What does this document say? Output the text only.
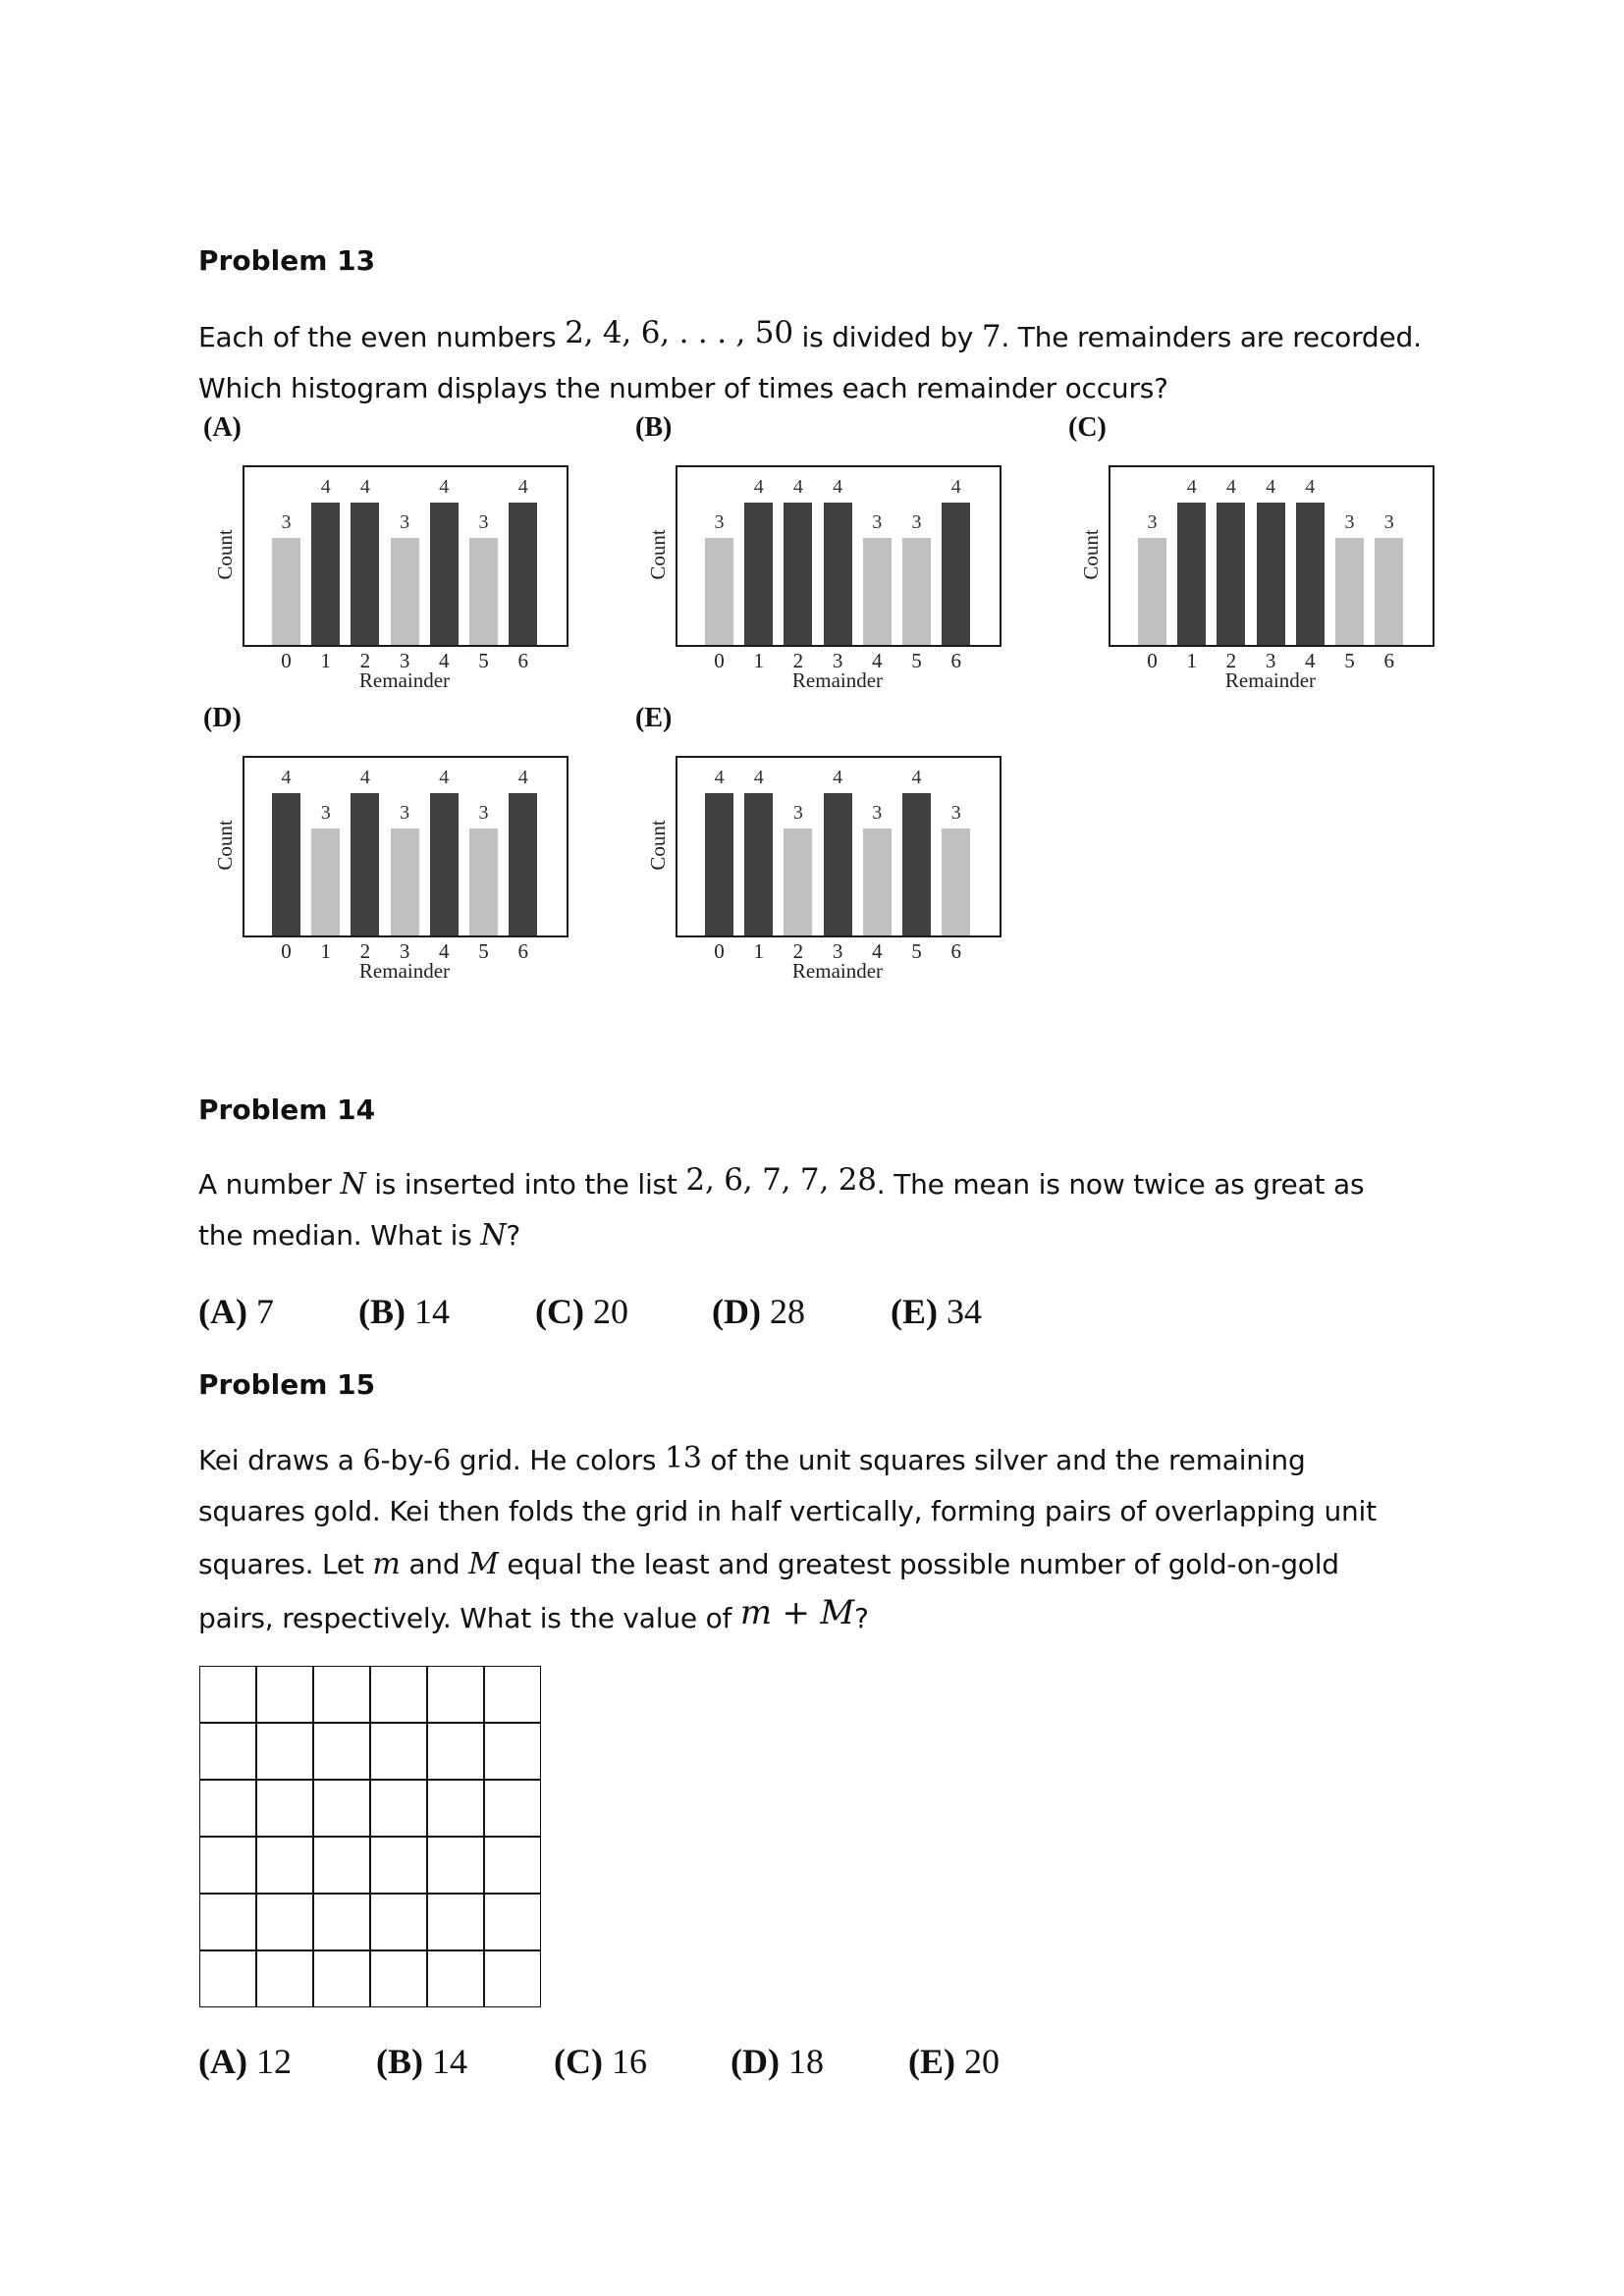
Problem 13
Each of the even numbers 2, 4, 6, . . . , 50 is divided by 7. The remainders are recorded.
Which histogram displays the number of times each remainder occurs?
(A)	(B)	(C)
(D)	(E)
Count
3
0
4
1
4
2
3
3
4
4
3
5
4
6
Remainder
Count
3
0
4
1
4
2
4
3
3
4
3
5
4
6
Remainder
Count
3
0
4
1
4
2
4
3
4
4
3
5
3
6
Remainder
Count
4
0
3
1
4
2
3
3
4
4
3
5
4
6
Remainder
Count
4
0
4
1
3
2
4
3
3
4
4
5
3
6
Remainder
Problem 14
A number N is inserted into the list 2, 6, 7, 7, 28. The mean is now twice as great as
the median. What is N?
(A) 7 (B) 14 (C) 20 (D) 28 (E) 34
Problem 15
Kei draws a 6-by-6 grid. He colors 13 of the unit squares silver and the remaining
squares gold. Kei then folds the grid in half vertically, forming pairs of overlapping unit
squares. Let m and M equal the least and greatest possible number of gold-on-gold
pairs, respectively. What is the value of m + M?
(A) 12 (B) 14 (C) 16 (D) 18 (E) 20
